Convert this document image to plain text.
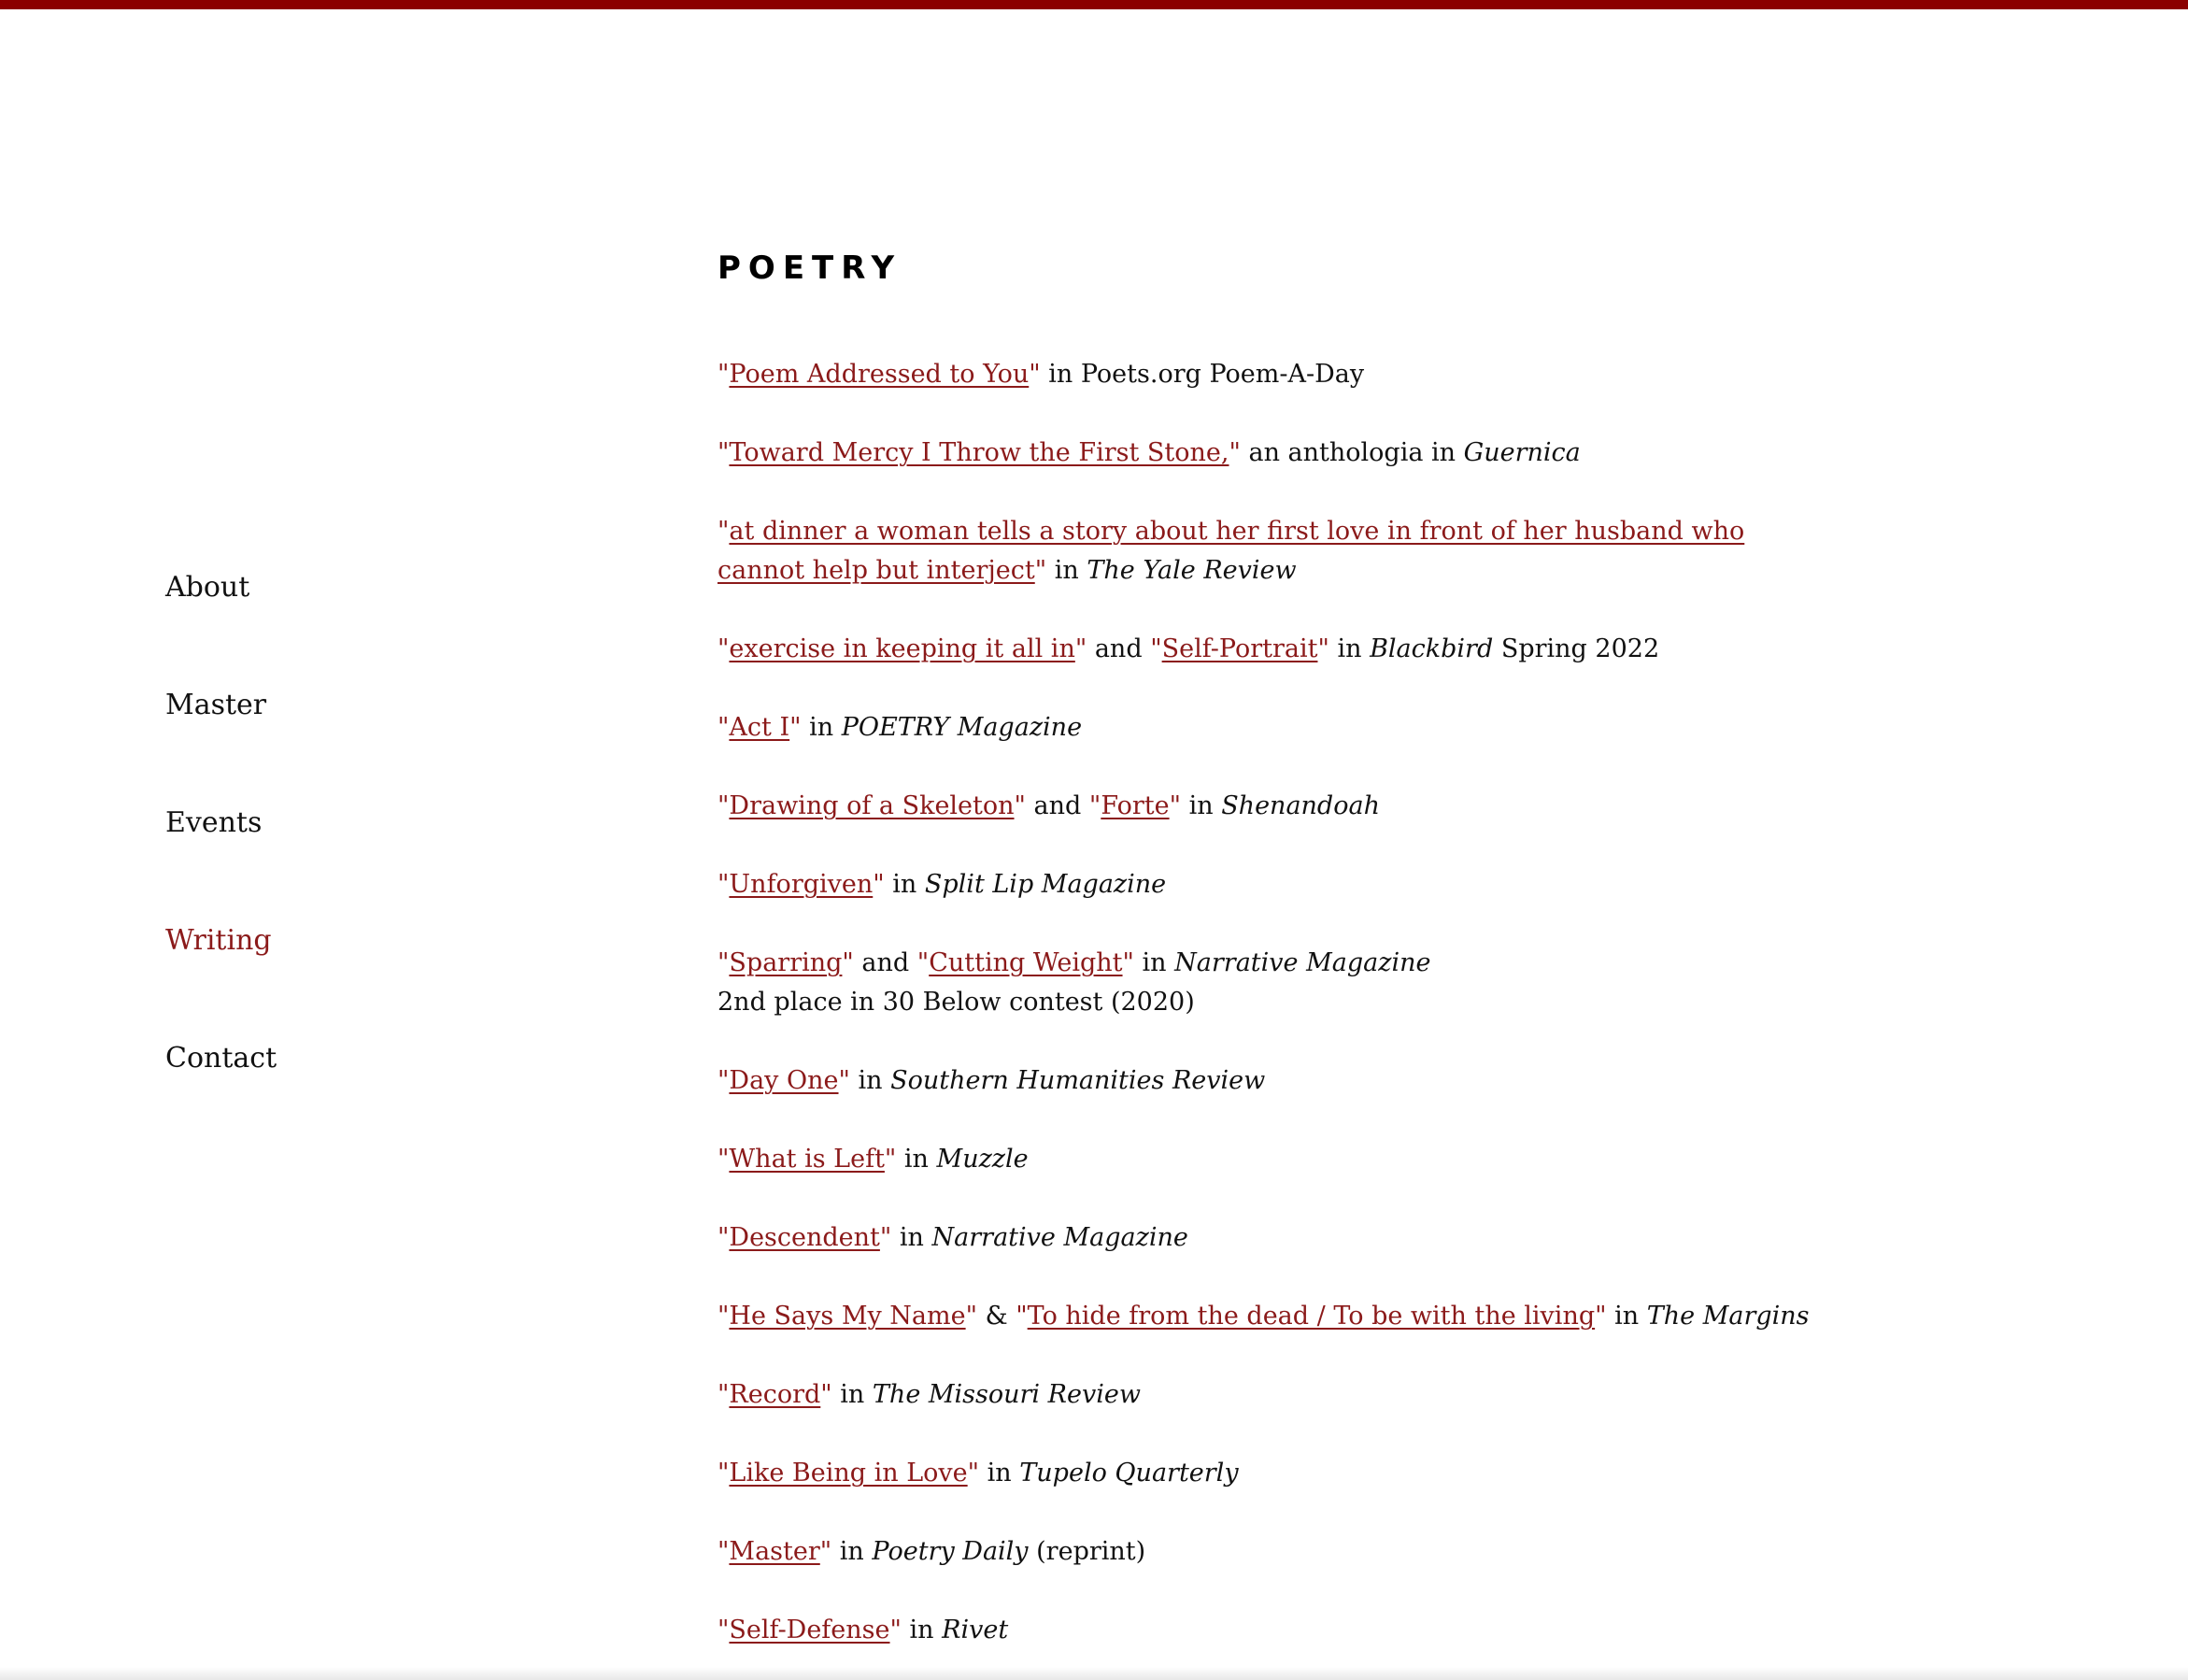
About
Master
Events
Writing
Contact
POETRY
"Poem Addressed to You" in Poets.org Poem-A-Day
"Toward Mercy I Throw the First Stone," an anthologia in Guernica
"at dinner a woman tells a story about her first love in front of her husband who
cannot help but interject" in The Yale Review
"exercise in keeping it all in" and "Self-Portrait" in Blackbird Spring 2022
"Act I" in POETRY Magazine
"Drawing of a Skeleton" and "Forte" in Shenandoah
"Unforgiven" in Split Lip Magazine
"Sparring" and "Cutting Weight" in Narrative Magazine
2nd place in 30 Below contest (2020)
"Day One" in Southern Humanities Review
"What is Left" in Muzzle
"Descendent" in Narrative Magazine
"He Says My Name" & "To hide from the dead / To be with the living" in The Margins
"Record" in The Missouri Review
"Like Being in Love" in Tupelo Quarterly
"Master" in Poetry Daily (reprint)
"Self-Defense" in Rivet
